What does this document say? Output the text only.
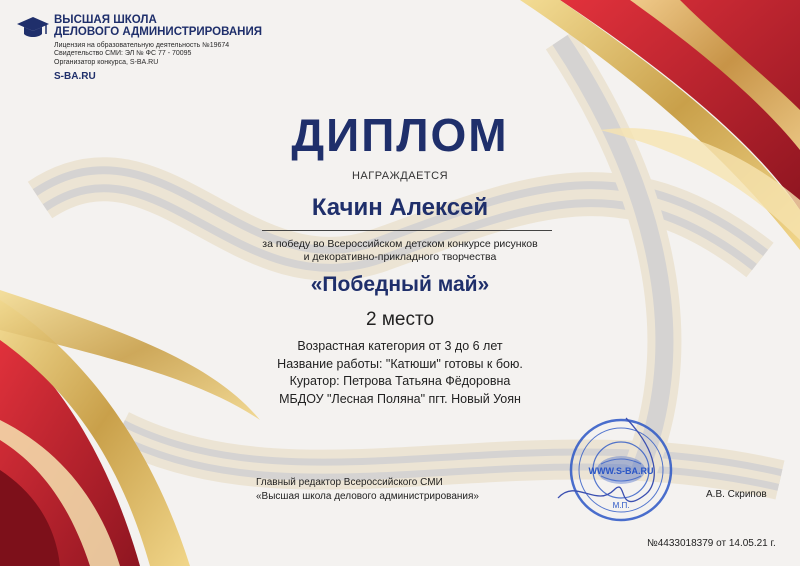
ВЫСШАЯ ШКОЛА
ДЕЛОВОГО АДМИНИСТРИРОВАНИЯ
Лицензия на образовательную деятельность №19674
Свидетельство СМИ: ЭЛ № ФС 77 - 70095
Организатор конкурса, S-BA.RU
S-BA.RU
ДИПЛОМ
НАГРАЖДАЕТСЯ
Качин Алексей
за победу во Всероссийском детском конкурсе рисунков
и декоративно-прикладного творчества
«Победный май»
2 место
Возрастная категория от 3 до 6 лет
Название работы: "Катюши" готовы к бою.
Куратор: Петрова Татьяна Фёдоровна
МБДОУ "Лесная Поляна" пгт. Новый Уоян
Главный редактор Всероссийского СМИ
«Высшая школа делового администрирования»
WWW.S-BA.RU
М.П.
А.В. Скрипов
№4433018379 от 14.05.21 г.
